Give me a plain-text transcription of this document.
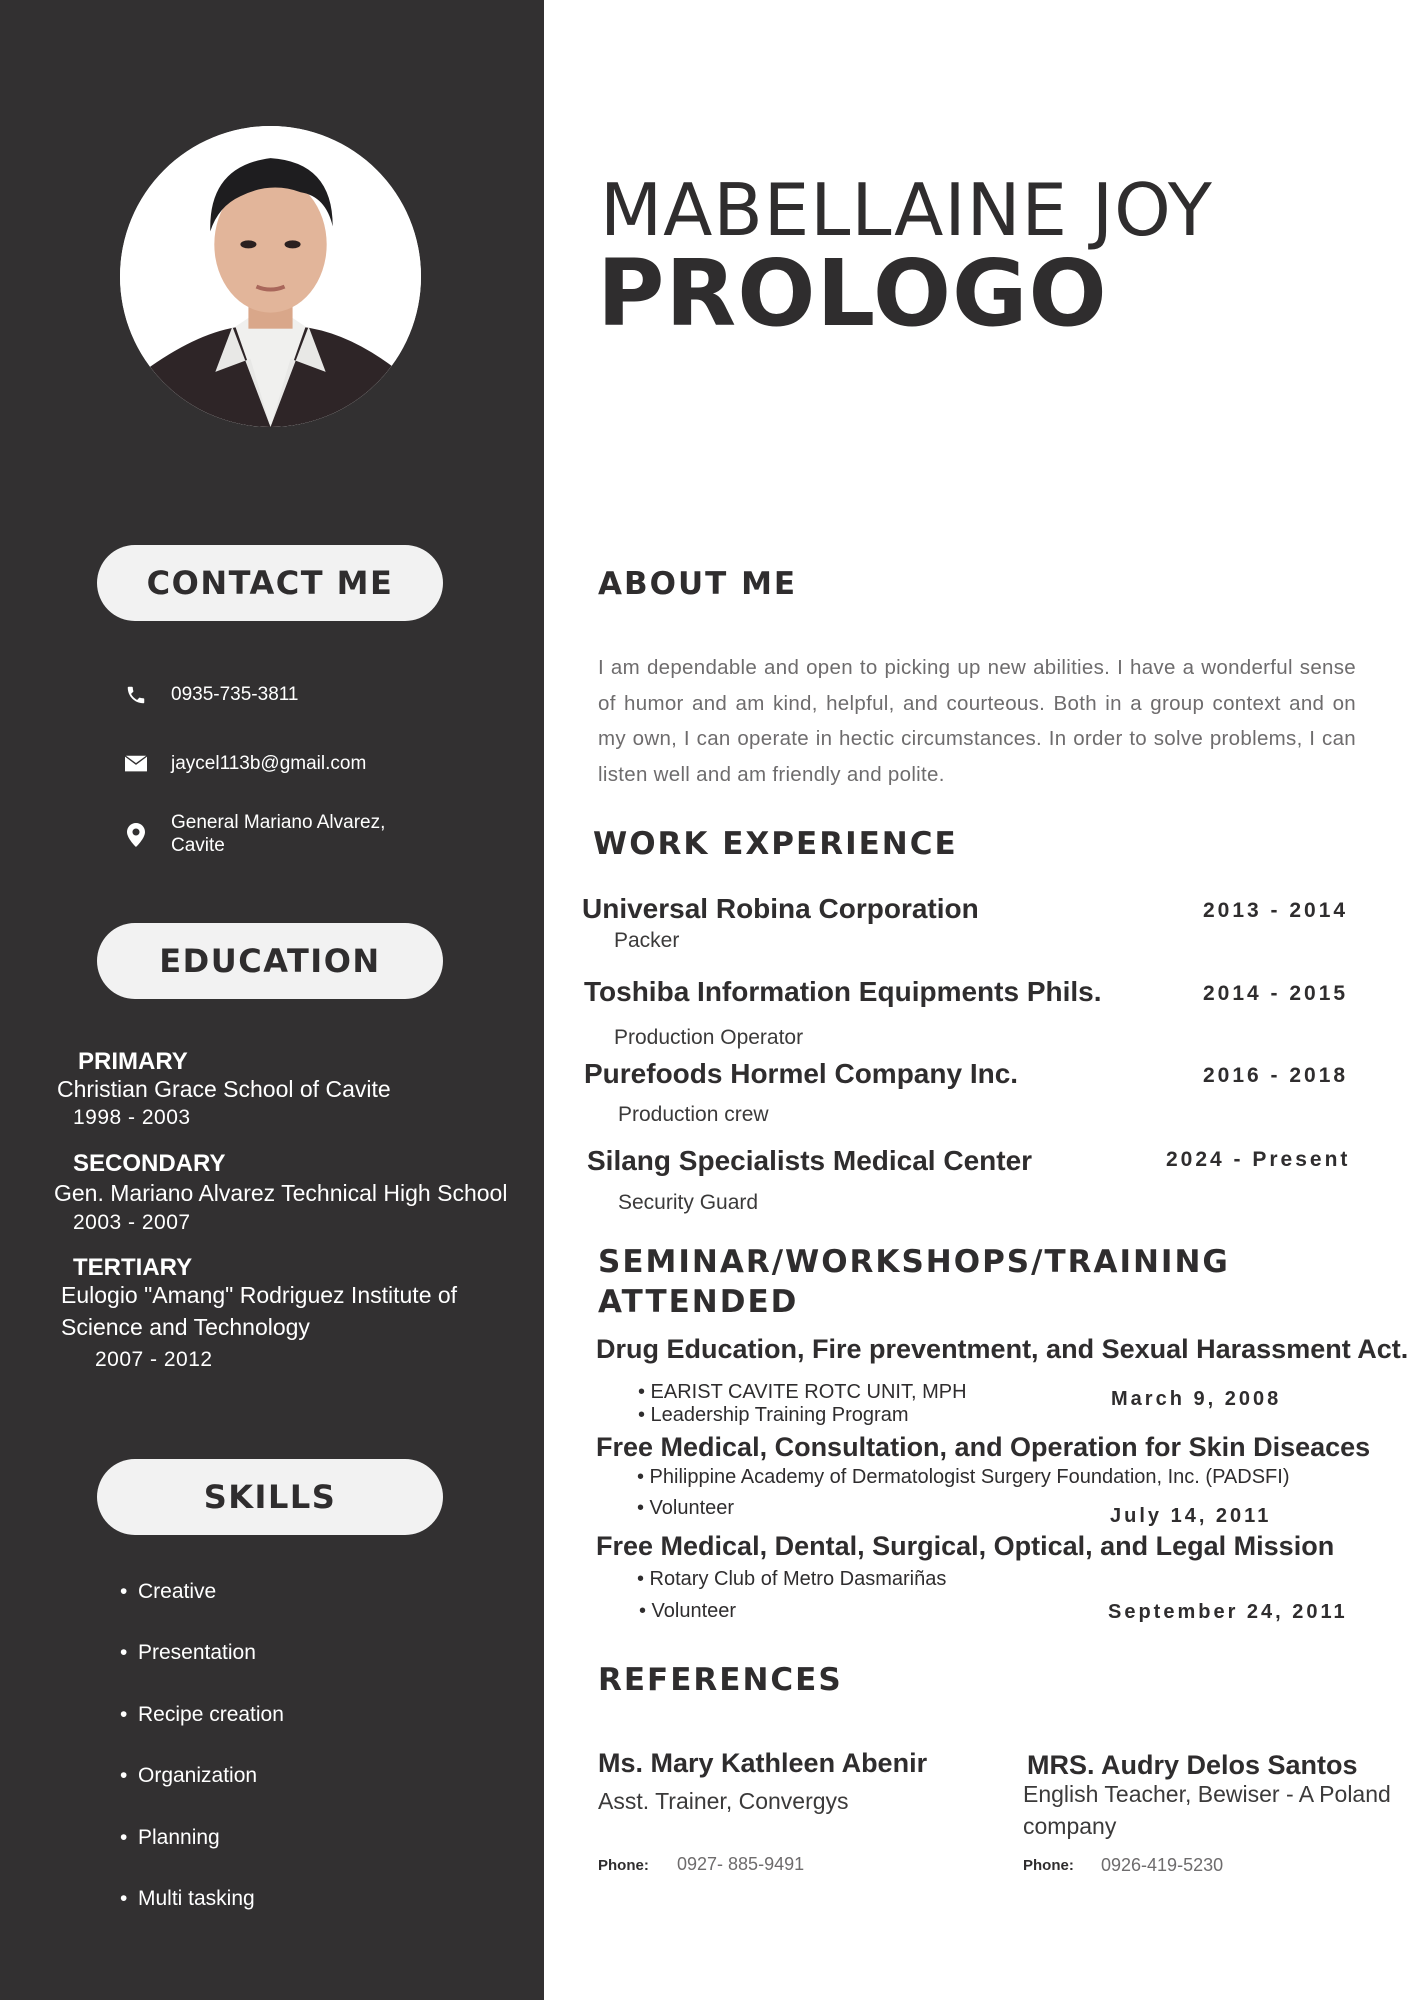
CONTACT ME
0935-735-3811
jaycel113b@gmail.com
General Mariano Alvarez,
Cavite
EDUCATION
PRIMARY
Christian Grace School of Cavite
1998 - 2003
SECONDARY
Gen. Mariano Alvarez Technical High School
2003 - 2007
TERTIARY
Eulogio "Amang" Rodriguez Institute of
Science and Technology
2007 - 2012
SKILLS
• Creative
• Presentation
• Recipe creation
• Organization
• Planning
• Multi tasking
MABELLAINE JOY
PROLOGO
ABOUT ME
I am dependable and open to picking up new abilities. I have a wonderful sense of humor and am kind, helpful, and courteous. Both in a group context and on my own, I can operate in hectic circumstances. In order to solve problems, I can listen well and am friendly and polite.
WORK EXPERIENCE
Universal Robina Corporation
Packer
2013 - 2014
Toshiba Information Equipments Phils.
Production Operator
2014 - 2015
Purefoods Hormel Company Inc.
Production crew
2016 - 2018
Silang Specialists Medical Center
Security Guard
2024 - Present
SEMINAR/WORKSHOPS/TRAINING
ATTENDED
Drug Education, Fire preventment, and Sexual Harassment Act.
• EARIST CAVITE ROTC UNIT, MPH
• Leadership Training Program
March 9, 2008
Free Medical, Consultation, and Operation for Skin Diseaces
• Philippine Academy of Dermatologist Surgery Foundation, Inc. (PADSFI)
• Volunteer	July 14, 2011
Free Medical, Dental, Surgical, Optical, and Legal Mission
• Rotary Club of Metro Dasmariñas
• Volunteer	September 24, 2011
REFERENCES
Ms. Mary Kathleen Abenir
Asst. Trainer, Convergys
Phone: 0927- 885-9491
MRS. Audry Delos Santos
English Teacher, Bewiser - A Poland company
Phone: 0926-419-5230
